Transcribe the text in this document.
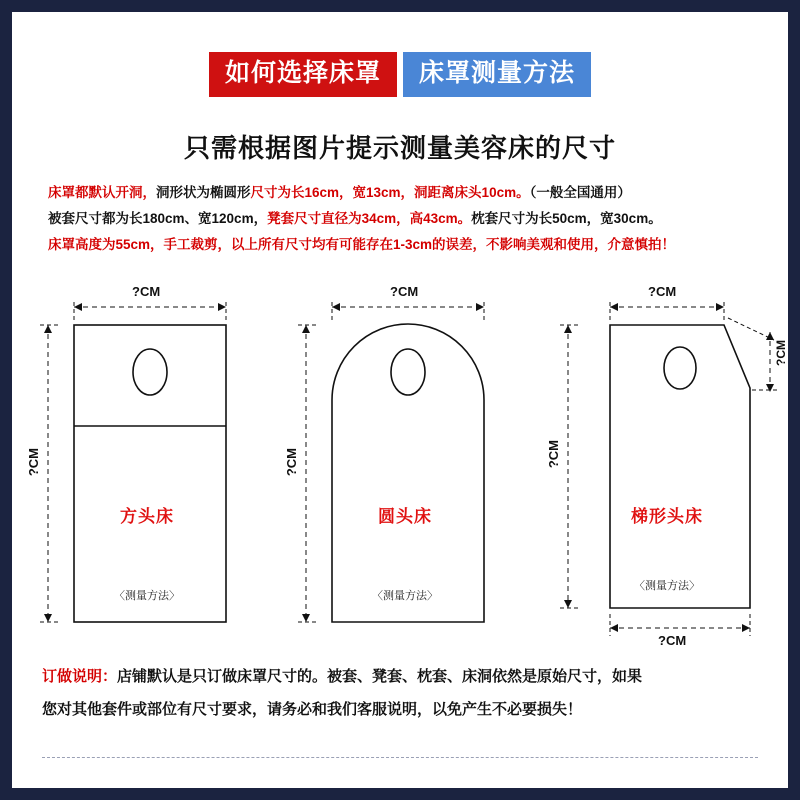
如何选择床罩	床罩测量方法
只需根据图片提示测量美容床的尺寸
床罩都默认开洞，洞形状为椭圆形尺寸为长16cm，宽13cm，洞距离床头10cm。（一般全国通用）
被套尺寸都为长180cm、宽120cm，凳套尺寸直径为34cm，高43cm。枕套尺寸为长50cm，宽30cm。
床罩高度为55cm，手工裁剪，以上所有尺寸均有可能存在1-3cm的误差，不影响美观和使用，介意慎拍！
?CM
?CM
方头床
〈测量方法〉
?CM
?CM
圆头床
〈测量方法〉
?CM
?CM
?CM
?CM
梯形头床
〈测量方法〉
订做说明：店铺默认是只订做床罩尺寸的。被套、凳套、枕套、床洞依然是原始尺寸，如果
您对其他套件或部位有尺寸要求，请务必和我们客服说明，以免产生不必要损失！
